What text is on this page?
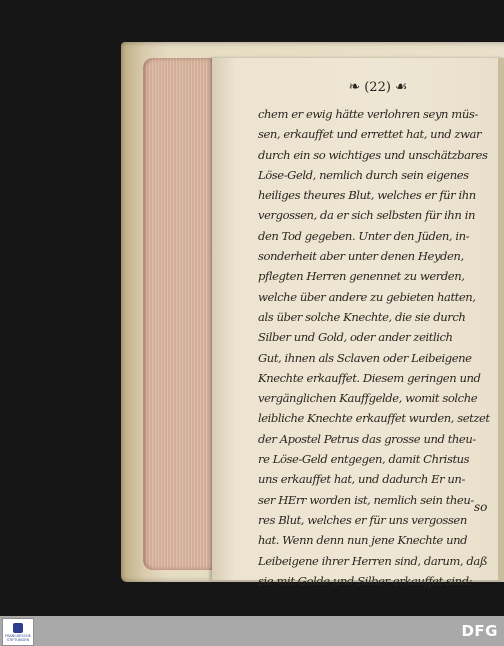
❧ (22) ☙
chem er ewig hätte verlohren seyn müs-
sen, erkauffet und errettet hat, und zwar
durch ein so wichtiges und unschätzbares
Löse-Geld, nemlich durch sein eigenes
heiliges theures Blut, welches er für ihn
vergossen, da er sich selbsten für ihn in
den Tod gegeben. Unter den Jüden, in-
sonderheit aber unter denen Heyden,
pflegten Herren genennet zu werden,
welche über andere zu gebieten hatten,
als über solche Knechte, die sie durch
Silber und Gold, oder ander zeitlich
Gut, ihnen als Sclaven oder Leibeigene
Knechte erkauffet. Diesem geringen und
vergänglichen Kauffgelde, womit solche
leibliche Knechte erkauffet wurden, setzet
der Apostel Petrus das grosse und theu-
re Löse-Geld entgegen, damit Christus
uns erkauffet hat, und dadurch Er un-
ser HErr worden ist, nemlich sein theu-
res Blut, welches er für uns vergossen
hat. Wenn denn nun jene Knechte und
Leibeigene ihrer Herren sind, darum, daß
sie mit Golde und Silber erkauffet sind:
so
FRANCKESCHE STIFTUNGEN	DFG
